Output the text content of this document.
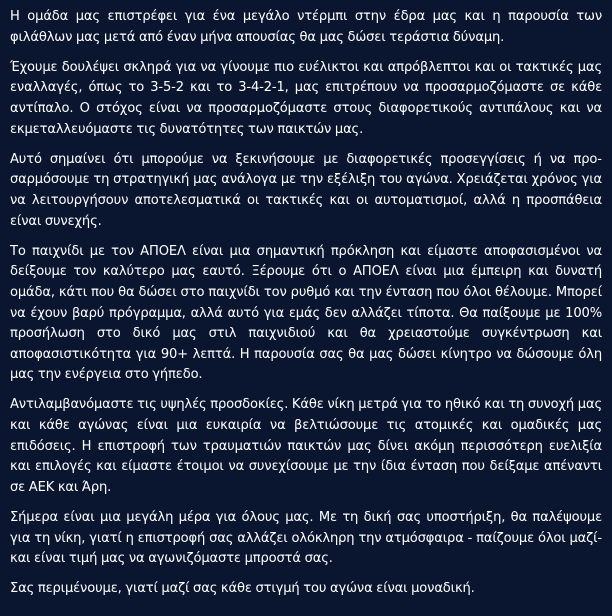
Η ομάδα μας επιστρέφει για ένα μεγάλο ντέρμπι στην έδρα μας και η παρουσία των φιλάθλων μας μετά από έναν μήνα απουσίας θα μας δώσει τεράστια δύναμη.

Έχουμε δουλέψει σκληρά για να γίνουμε πιο ευέλικτοι και απρόβλεπτοι και οι τακτικές μας εναλλαγές, όπως το 3-5-2 και το 3-4-2-1, μας επιτρέπουν να προσαρμοζόμαστε σε κάθε αντίπαλο. Ο στόχος είναι να προσαρμοζόμαστε στους διαφορετικούς αντιπάλους και να εκμεταλλευόμαστε τις δυνατότητες των παικτών μας.

Αυτό σημαίνει ότι μπορούμε να ξεκινήσουμε με διαφορετικές προσεγγίσεις ή να προσαρμόσουμε τη στρατηγική μας ανάλογα με την εξέλιξη του αγώνα. Χρειάζεται χρόνος για να λειτουργήσουν αποτελεσματικά οι τακτικές και οι αυτοματισμοί, αλλά η προσπάθεια είναι συνεχής.

Το παιχνίδι με τον ΑΠΟΕΛ είναι μια σημαντική πρόκληση και είμαστε αποφασισμένοι να δείξουμε τον καλύτερο μας εαυτό. Ξέρουμε ότι ο ΑΠΟΕΛ είναι μια έμπειρη και δυνατή ομάδα, κάτι που θα δώσει στο παιχνίδι τον ρυθμό και την ένταση που όλοι θέλουμε. Μπορεί να έχουν βαρύ πρόγραμμα, αλλά αυτό για εμάς δεν αλλάζει τίποτα. Θα παίξουμε με 100% προσήλωση στο δικό μας στιλ παιχνιδιού και θα χρειαστούμε συγκέντρωση και αποφασιστικότητα για 90+ λεπτά. Η παρουσία σας θα μας δώσει κίνητρο να δώσουμε όλη μας την ενέργεια στο γήπεδο.

Αντιλαμβανόμαστε τις υψηλές προσδοκίες. Κάθε νίκη μετρά για το ηθικό και τη συνοχή μας και κάθε αγώνας είναι μια ευκαιρία να βελτιώσουμε τις ατομικές και ομαδικές μας επιδόσεις. Η επιστροφή των τραυματιών παικτών μας δίνει ακόμη περισσότερη ευελιξία και επιλογές και είμαστε έτοιμοι να συνεχίσουμε με την ίδια ένταση που δείξαμε απέναντι σε ΑΕΚ και Άρη.

Σήμερα είναι μια μεγάλη μέρα για όλους μας. Με τη δική σας υποστήριξη, θα παλέψουμε για τη νίκη, γιατί η επιστροφή σας αλλάζει ολόκληρη την ατμόσφαιρα - παίζουμε όλοι μαζί- και είναι τιμή μας να αγωνιζόμαστε μπροστά σας.

Σας περιμένουμε, γιατί μαζί σας κάθε στιγμή του αγώνα είναι μοναδική.
